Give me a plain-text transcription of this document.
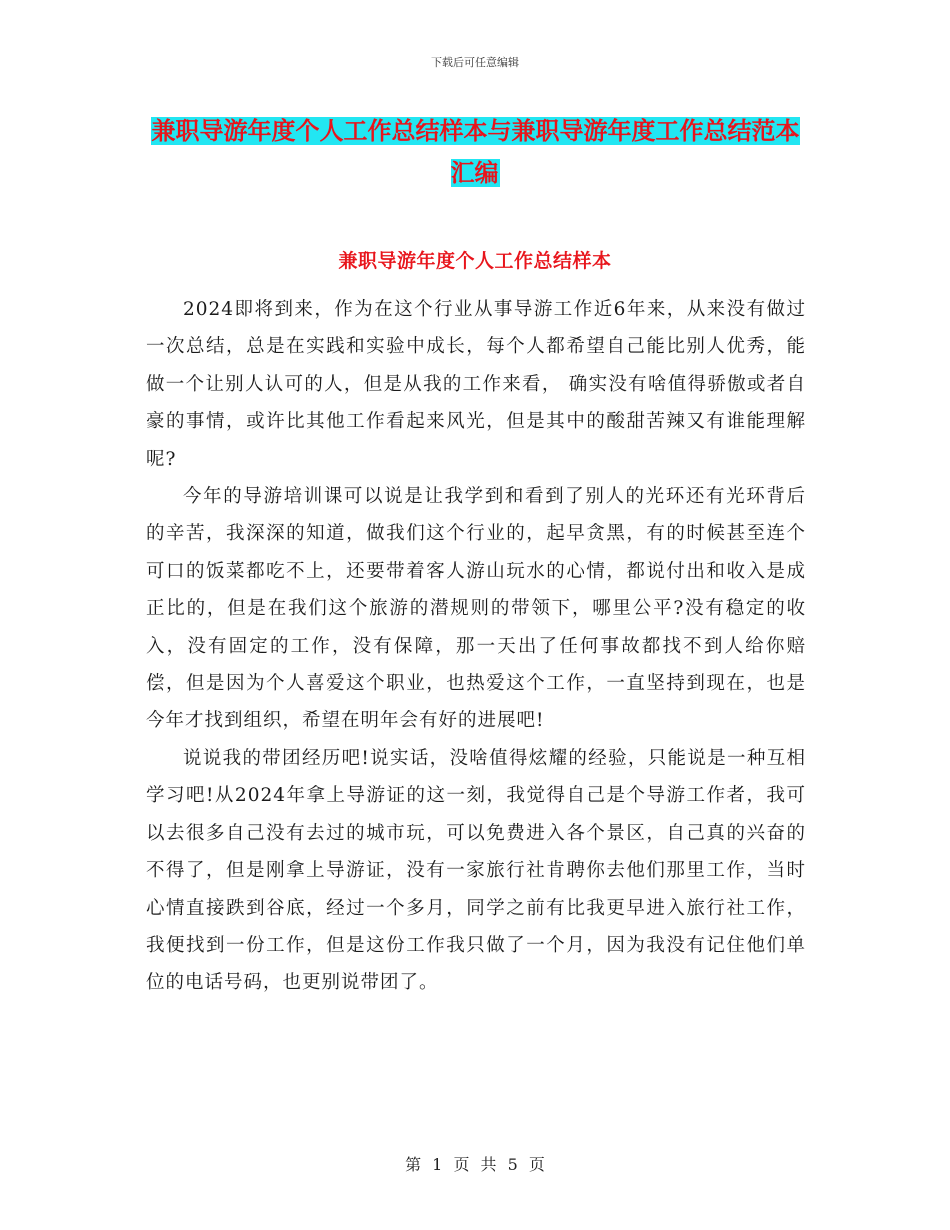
下载后可任意编辑
兼职导游年度个人工作总结样本与兼职导游年度工作总结范本汇编
兼职导游年度个人工作总结样本

2024即将到来，作为在这个行业从事导游工作近6年来，从来没有做过一次总结，总是在实践和实验中成长，每个人都希望自己能比别人优秀，能做一个让别人认可的人，但是从我的工作来看， 确实没有啥值得骄傲或者自豪的事情，或许比其他工作看起来风光，但是其中的酸甜苦辣又有谁能理解呢?

今年的导游培训课可以说是让我学到和看到了别人的光环还有光环背后的辛苦，我深深的知道，做我们这个行业的，起早贪黑，有的时候甚至连个可口的饭菜都吃不上，还要带着客人游山玩水的心情，都说付出和收入是成正比的，但是在我们这个旅游的潜规则的带领下，哪里公平?没有稳定的收入，没有固定的工作，没有保障，那一天出了任何事故都找不到人给你赔偿，但是因为个人喜爱这个职业，也热爱这个工作，一直坚持到现在，也是今年才找到组织，希望在明年会有好的进展吧!

说说我的带团经历吧!说实话，没啥值得炫耀的经验，只能说是一种互相学习吧!从2024年拿上导游证的这一刻，我觉得自己是个导游工作者，我可以去很多自己没有去过的城市玩，可以免费进入各个景区，自己真的兴奋的不得了，但是刚拿上导游证，没有一家旅行社肯聘你去他们那里工作，当时心情直接跌到谷底，经过一个多月，同学之前有比我更早进入旅行社工作，我便找到一份工作，但是这份工作我只做了一个月，因为我没有记住他们单位的电话号码，也更别说带团了。

第 1 页 共 5 页
